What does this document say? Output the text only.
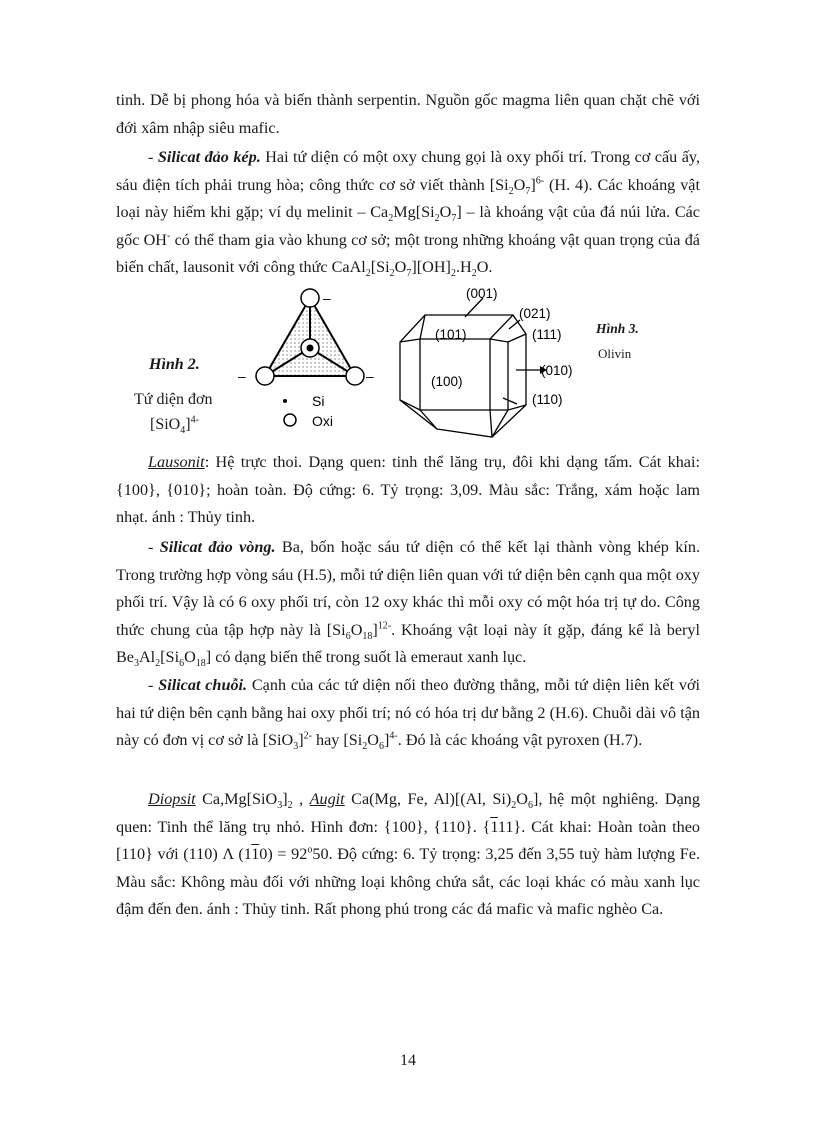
tinh. Dễ bị phong hóa và biến thành serpentin. Nguồn gốc magma liên quan chặt chẽ với đới xâm nhập siêu mafic.

- Silicat đảo kép. Hai tứ diện có một oxy chung gọi là oxy phối trí. Trong cơ cấu ấy, sáu điện tích phải trung hòa; công thức cơ sở viết thành $[Si_2O_7]^{6-}$ (H. 4). Các khoáng vật loại này hiếm khi gặp; ví dụ melinit – $Ca_2Mg[Si_2O_7]$ – là khoáng vật của đá núi lửa. Các gốc OH- có thể tham gia vào khung cơ sở; một trong những khoáng vật quan trọng của đá biến chất, lausonit với công thức $CaAl_2[Si_2O_7][OH]_2.H_2O$.

–
–	–
Si
Oxi
Hình 2.
Tứ diện đơn
$[SiO_4]^{4-}$
(001)
(021)
(101)	(111)
(100)
(010)
(110)
Hình 3.
Olivin

Lausonit: Hệ trực thoi. Dạng quen: tinh thể lăng trụ, đôi khi dạng tấm. Cát khai:{100}, {010}; hoàn toàn. Độ cứng: 6. Tỷ trọng: 3,09. Màu sắc: Trắng, xám hoặc lam nhạt. ánh : Thủy tinh.

- Silicat đảo vòng. Ba, bốn hoặc sáu tứ diện có thể kết lại thành vòng khép kín. Trong trường hợp vòng sáu (H.5), mỗi tứ diện liên quan với tứ diện bên cạnh qua một oxy phối trí. Vậy là có 6 oxy phối trí, còn 12 oxy khác thì mỗi oxy có một hóa trị tự do. Công thức chung của tập hợp này là $[Si_6O_{18}]^{12-}$. Khoáng vật loại này ít gặp, đáng kể là beryl $Be_3Al_2[Si_6O_{18}]$ có dạng biến thể trong suốt là emeraut xanh lục.

- Silicat chuỗi. Cạnh của các tứ diện nối theo đường thẳng, mỗi tứ diện liên kết với hai tứ diện bên cạnh bằng hai oxy phối trí; nó có hóa trị dư bằng 2 (H.6). Chuỗi dài vô tận này có đơn vị cơ sở là $[SiO_3]^{2-}$ hay $[Si_2O_6]^{4-}$. Đó là các khoáng vật pyroxen (H.7).

Diopsit $Ca,Mg[SiO_3]_2$ , Augit Ca(Mg, Fe, Al)[(Al, $Si)_2O_6$], hệ một nghiêng. Dạng quen: Tinh thể lăng trụ nhỏ. Hình đơn: {100}, {110}. {111}. Cát khai: Hoàn toàn theo [110} với (110) Λ $(110) = 92^o50$. Độ cứng: 6. Tỷ trọng: 3,25 đến 3,55 tuỳ hàm lượng Fe. Màu sắc: Không màu đối với những loại không chứa sắt, các loại khác có màu xanh lục đậm đến đen. ánh : Thủy tinh. Rất phong phú trong các đá mafic và mafic nghèo Ca.

14
